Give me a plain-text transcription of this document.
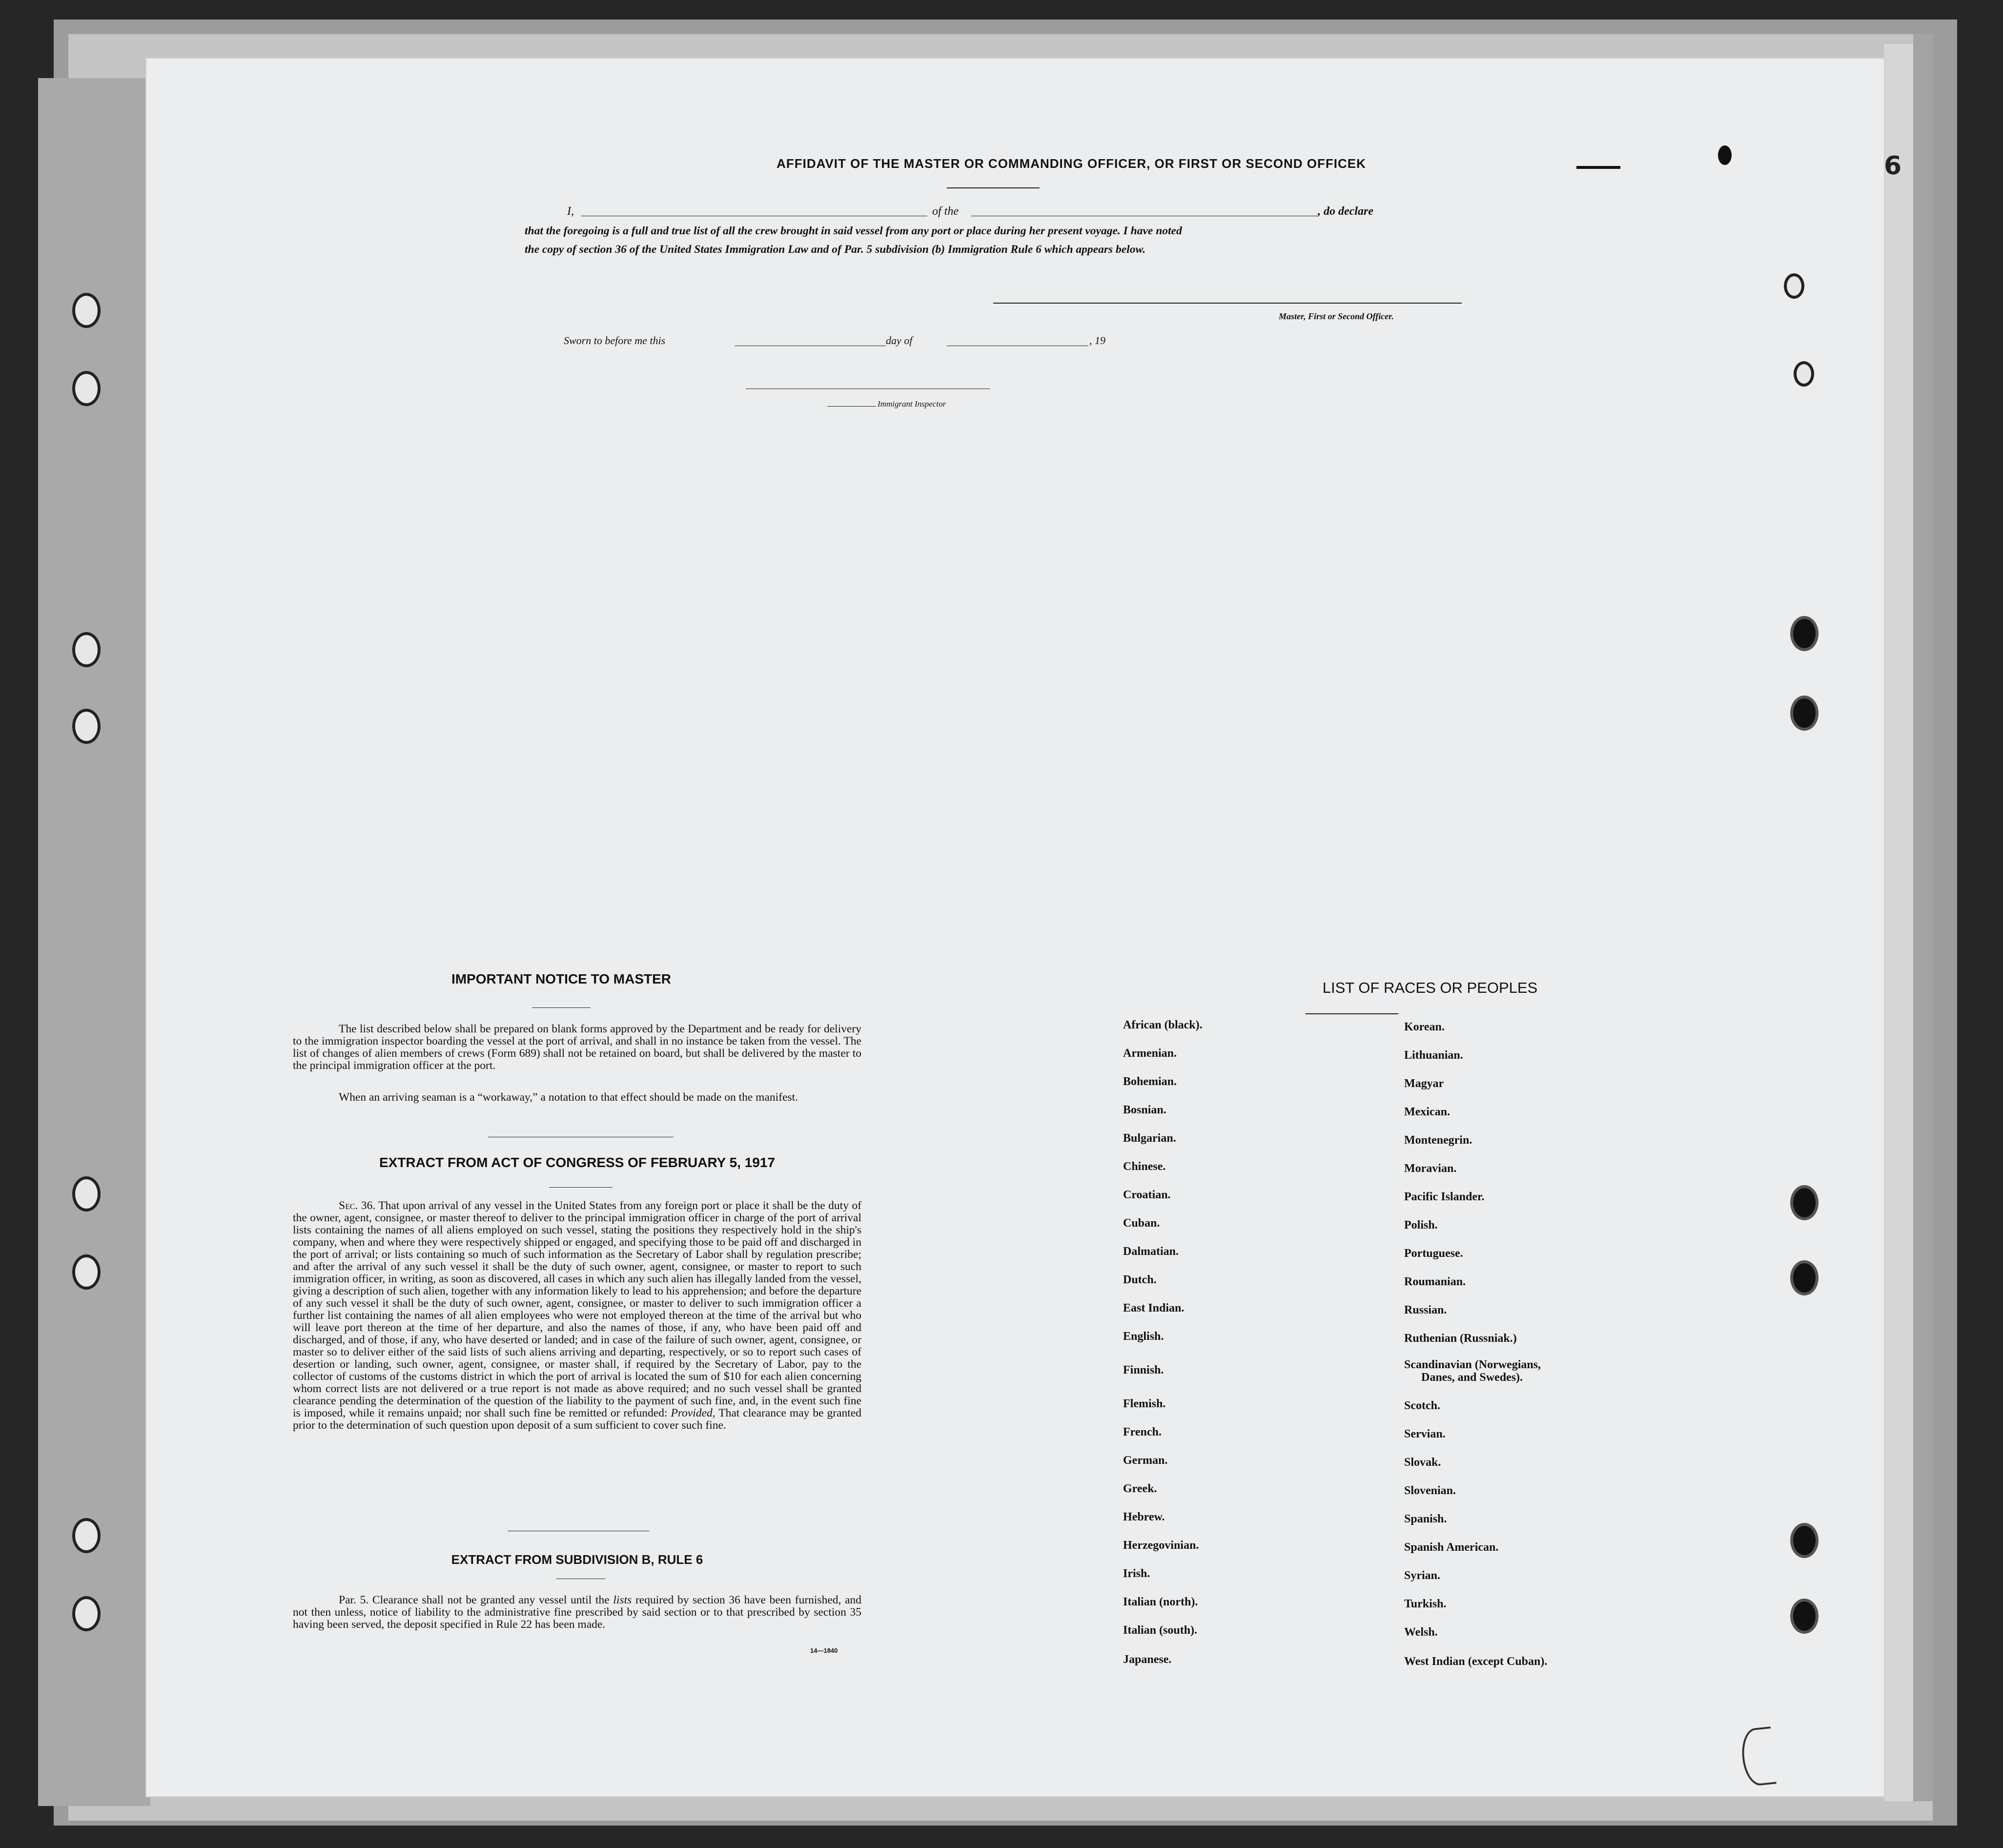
6
AFFIDAVIT OF THE MASTER OR COMMANDING OFFICER, OR FIRST OR SECOND OFFICEK
I,	of the	, do declare
that the foregoing is a full and true list of all the crew brought in said vessel from any port or place during her present voyage. I have noted
the copy of section 36 of the United States Immigration Law and of Par. 5 subdivision (b) Immigration Rule 6 which appears below.
Master, First or Second Officer.
Sworn to before me this	day of	, 19
Immigrant Inspector
IMPORTANT NOTICE TO MASTER
The list described below shall be prepared on blank forms approved by the Department and be ready for delivery to the immigration inspector boarding the vessel at the port of arrival, and shall in no instance be taken from the vessel. The list of changes of alien members of crews (Form 689) shall not be retained on board, but shall be delivered by the master to the principal immigration officer at the port.
When an arriving seaman is a “workaway,” a notation to that effect should be made on the manifest.
EXTRACT FROM ACT OF CONGRESS OF FEBRUARY 5, 1917
Sec. 36. That upon arrival of any vessel in the United States from any foreign port or place it shall be the duty of the owner, agent, consignee, or master thereof to deliver to the principal immigration officer in charge of the port of arrival lists containing the names of all aliens employed on such vessel, stating the positions they respectively hold in the ship's company, when and where they were respectively shipped or engaged, and specifying those to be paid off and discharged in the port of arrival; or lists containing so much of such information as the Secretary of Labor shall by regulation prescribe; and after the arrival of any such vessel it shall be the duty of such owner, agent, consignee, or master to report to such immigration officer, in writing, as soon as discovered, all cases in which any such alien has illegally landed from the vessel, giving a description of such alien, together with any information likely to lead to his apprehension; and before the departure of any such vessel it shall be the duty of such owner, agent, consignee, or master to deliver to such immigration officer a further list containing the names of all alien employees who were not employed thereon at the time of the arrival but who will leave port thereon at the time of her departure, and also the names of those, if any, who have been paid off and discharged, and of those, if any, who have deserted or landed; and in case of the failure of such owner, agent, consignee, or master so to deliver either of the said lists of such aliens arriving and departing, respectively, or so to report such cases of desertion or landing, such owner, agent, consignee, or master shall, if required by the Secretary of Labor, pay to the collector of customs of the customs district in which the port of arrival is located the sum of $10 for each alien concerning whom correct lists are not delivered or a true report is not made as above required; and no such vessel shall be granted clearance pending the determination of the question of the liability to the payment of such fine, and, in the event such fine is imposed, while it remains unpaid; nor shall such fine be remitted or refunded: Provided, That clearance may be granted prior to the determination of such question upon deposit of a sum sufficient to cover such fine.
EXTRACT FROM SUBDIVISION B, RULE 6
Par. 5. Clearance shall not be granted any vessel until the lists required by section 36 have been furnished, and not then unless, notice of liability to the administrative fine prescribed by said section or to that prescribed by section 35 having been served, the deposit specified in Rule 22 has been made.
14—1840
LIST OF RACES OR PEOPLES
African (black).
Armenian.
Bohemian.
Bosnian.
Bulgarian.
Chinese.
Croatian.
Cuban.
Dalmatian.
Dutch.
East Indian.
English.
Finnish.
Flemish.
French.
German.
Greek.
Hebrew.
Herzegovinian.
Irish.
Italian (north).
Italian (south).
Japanese.
Korean.
Lithuanian.
Magyar
Mexican.
Montenegrin.
Moravian.
Pacific Islander.
Polish.
Portuguese.
Roumanian.
Russian.
Ruthenian (Russniak.)
Scandinavian (Norwegians,
Danes, and Swedes).
Scotch.
Servian.
Slovak.
Slovenian.
Spanish.
Spanish American.
Syrian.
Turkish.
Welsh.
West Indian (except Cuban).
